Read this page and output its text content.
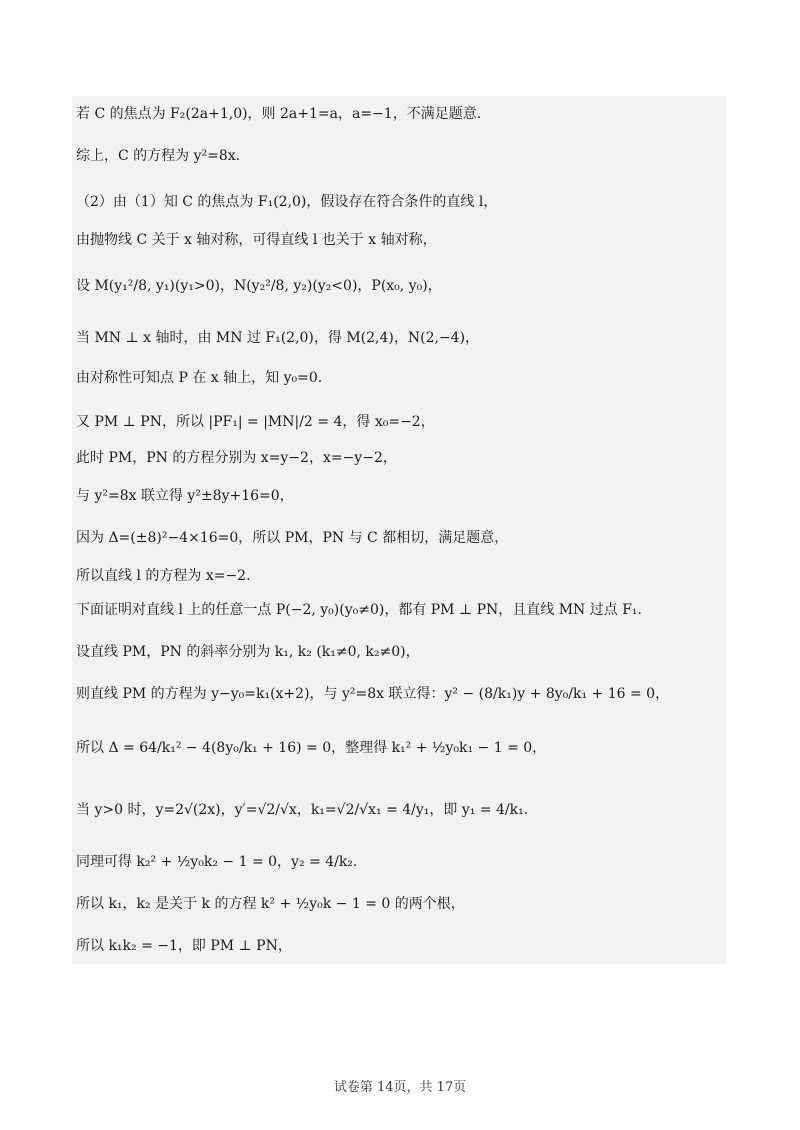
若 C 的焦点为 F₂(2a+1,0)，则 2a+1=a，a=−1，不满足题意.
综上，C 的方程为 y²=8x.
（2）由（1）知 C 的焦点为 F₁(2,0)，假设存在符合条件的直线 l，
由抛物线 C 关于 x 轴对称，可得直线 l 也关于 x 轴对称，
设 M(y₁²/8, y₁)(y₁>0)，N(y₂²/8, y₂)(y₂<0)，P(x₀, y₀)，
当 MN ⊥ x 轴时，由 MN 过 F₁(2,0)，得 M(2,4)，N(2,−4)，
由对称性可知点 P 在 x 轴上，知 y₀=0.
又 PM ⊥ PN，所以 |PF₁| = |MN|/2 = 4，得 x₀=−2，
此时 PM，PN 的方程分别为 x=y−2，x=−y−2，
与 y²=8x 联立得 y²±8y+16=0，
因为 Δ=(±8)²−4×16=0，所以 PM，PN 与 C 都相切，满足题意，
所以直线 l 的方程为 x=−2.
下面证明对直线 l 上的任意一点 P(−2, y₀)(y₀≠0)，都有 PM ⊥ PN，且直线 MN 过点 F₁.
设直线 PM，PN 的斜率分别为 k₁, k₂ (k₁≠0, k₂≠0)，
则直线 PM 的方程为 y−y₀=k₁(x+2)，与 y²=8x 联立得：y² − (8/k₁)y + 8y₀/k₁ + 16 = 0，
所以 Δ = 64/k₁² − 4(8y₀/k₁ + 16) = 0，整理得 k₁² + ½y₀k₁ − 1 = 0，
当 y>0 时，y=2√(2x)，y′=√2/√x，k₁=√2/√x₁ = 4/y₁，即 y₁ = 4/k₁.
同理可得 k₂² + ½y₀k₂ − 1 = 0，y₂ = 4/k₂.
所以 k₁，k₂ 是关于 k 的方程 k² + ½y₀k − 1 = 0 的两个根，
所以 k₁k₂ = −1，即 PM ⊥ PN，
试卷第 14页，共 17页
